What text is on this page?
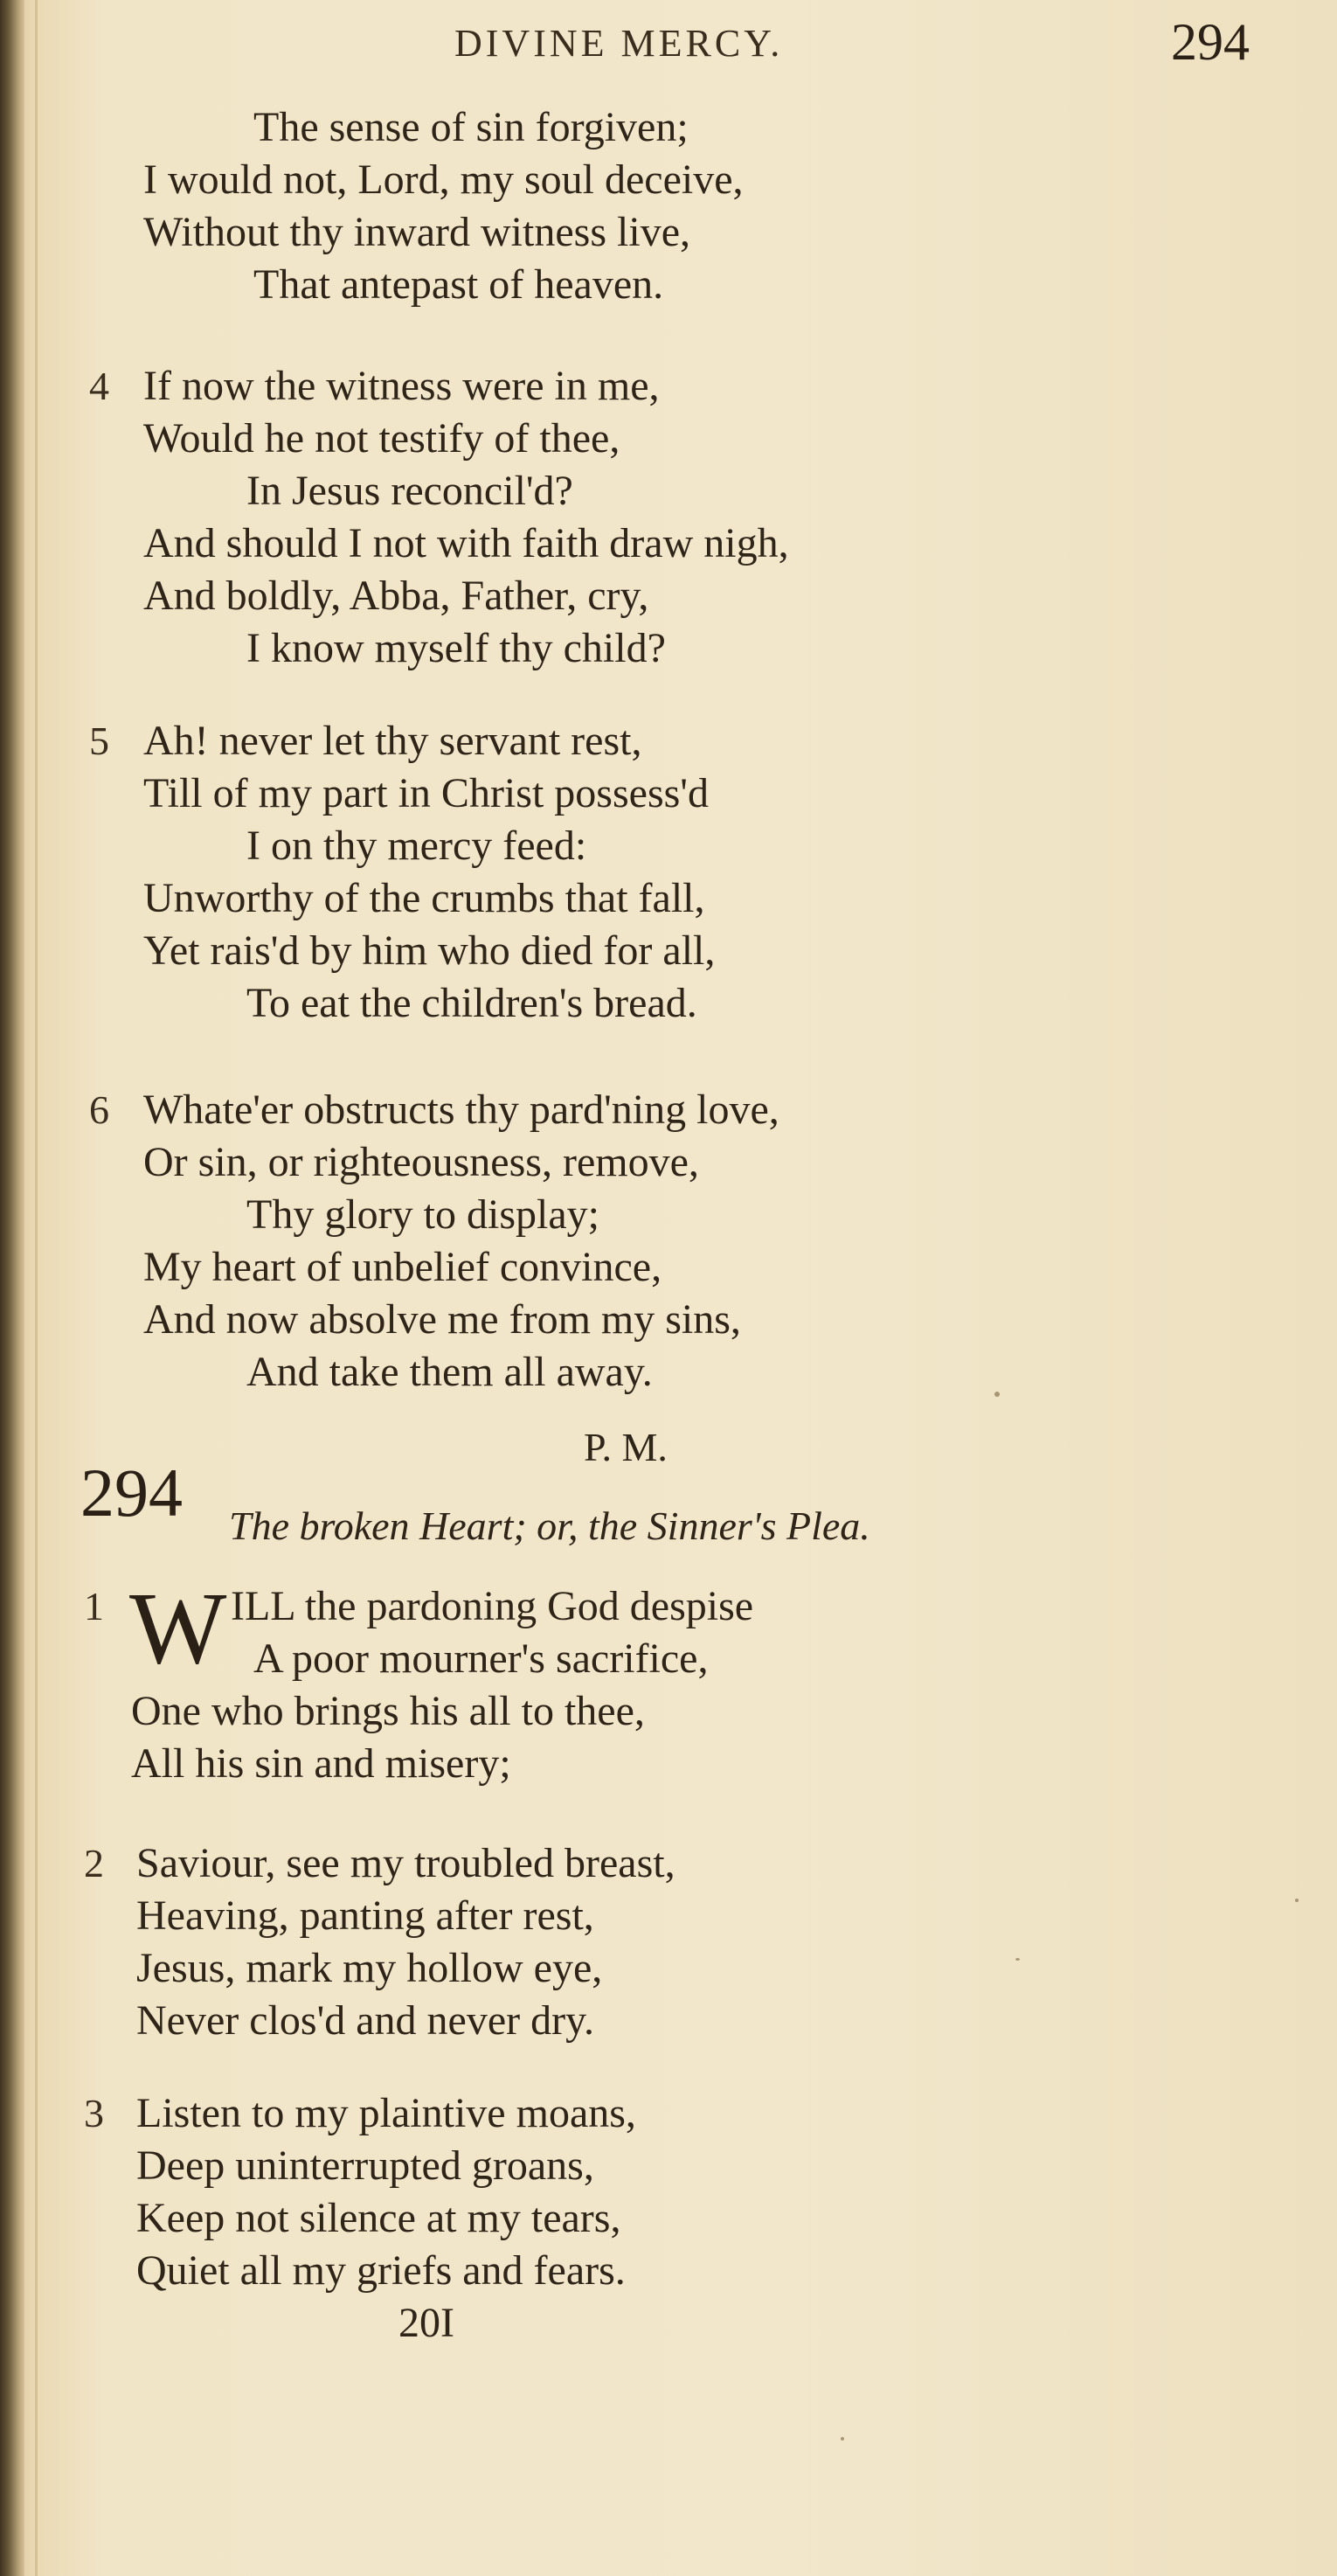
DIVINE MERCY.	294
The sense of sin forgiven;
I would not, Lord, my soul deceive,
Without thy inward witness live,
That antepast of heaven.
4 If now the witness were in me,
Would he not testify of thee,
In Jesus reconcil'd?
And should I not with faith draw nigh,
And boldly, Abba, Father, cry,
I know myself thy child?
5 Ah! never let thy servant rest,
Till of my part in Christ possess'd
I on thy mercy feed:
Unworthy of the crumbs that fall,
Yet rais'd by him who died for all,
To eat the children's bread.
6 Whate'er obstructs thy pard'ning love,
Or sin, or righteousness, remove,
Thy glory to display;
My heart of unbelief convince,
And now absolve me from my sins,
And take them all away.
P. M.
294 The broken Heart; or, the Sinner's Plea.
1 W ILL the pardoning God despise
A poor mourner's sacrifice,
One who brings his all to thee,
All his sin and misery;
2 Saviour, see my troubled breast,
Heaving, panting after rest,
Jesus, mark my hollow eye,
Never clos'd and never dry.
3 Listen to my plaintive moans,
Deep uninterrupted groans,
Keep not silence at my tears,
Quiet all my griefs and fears.
20I
